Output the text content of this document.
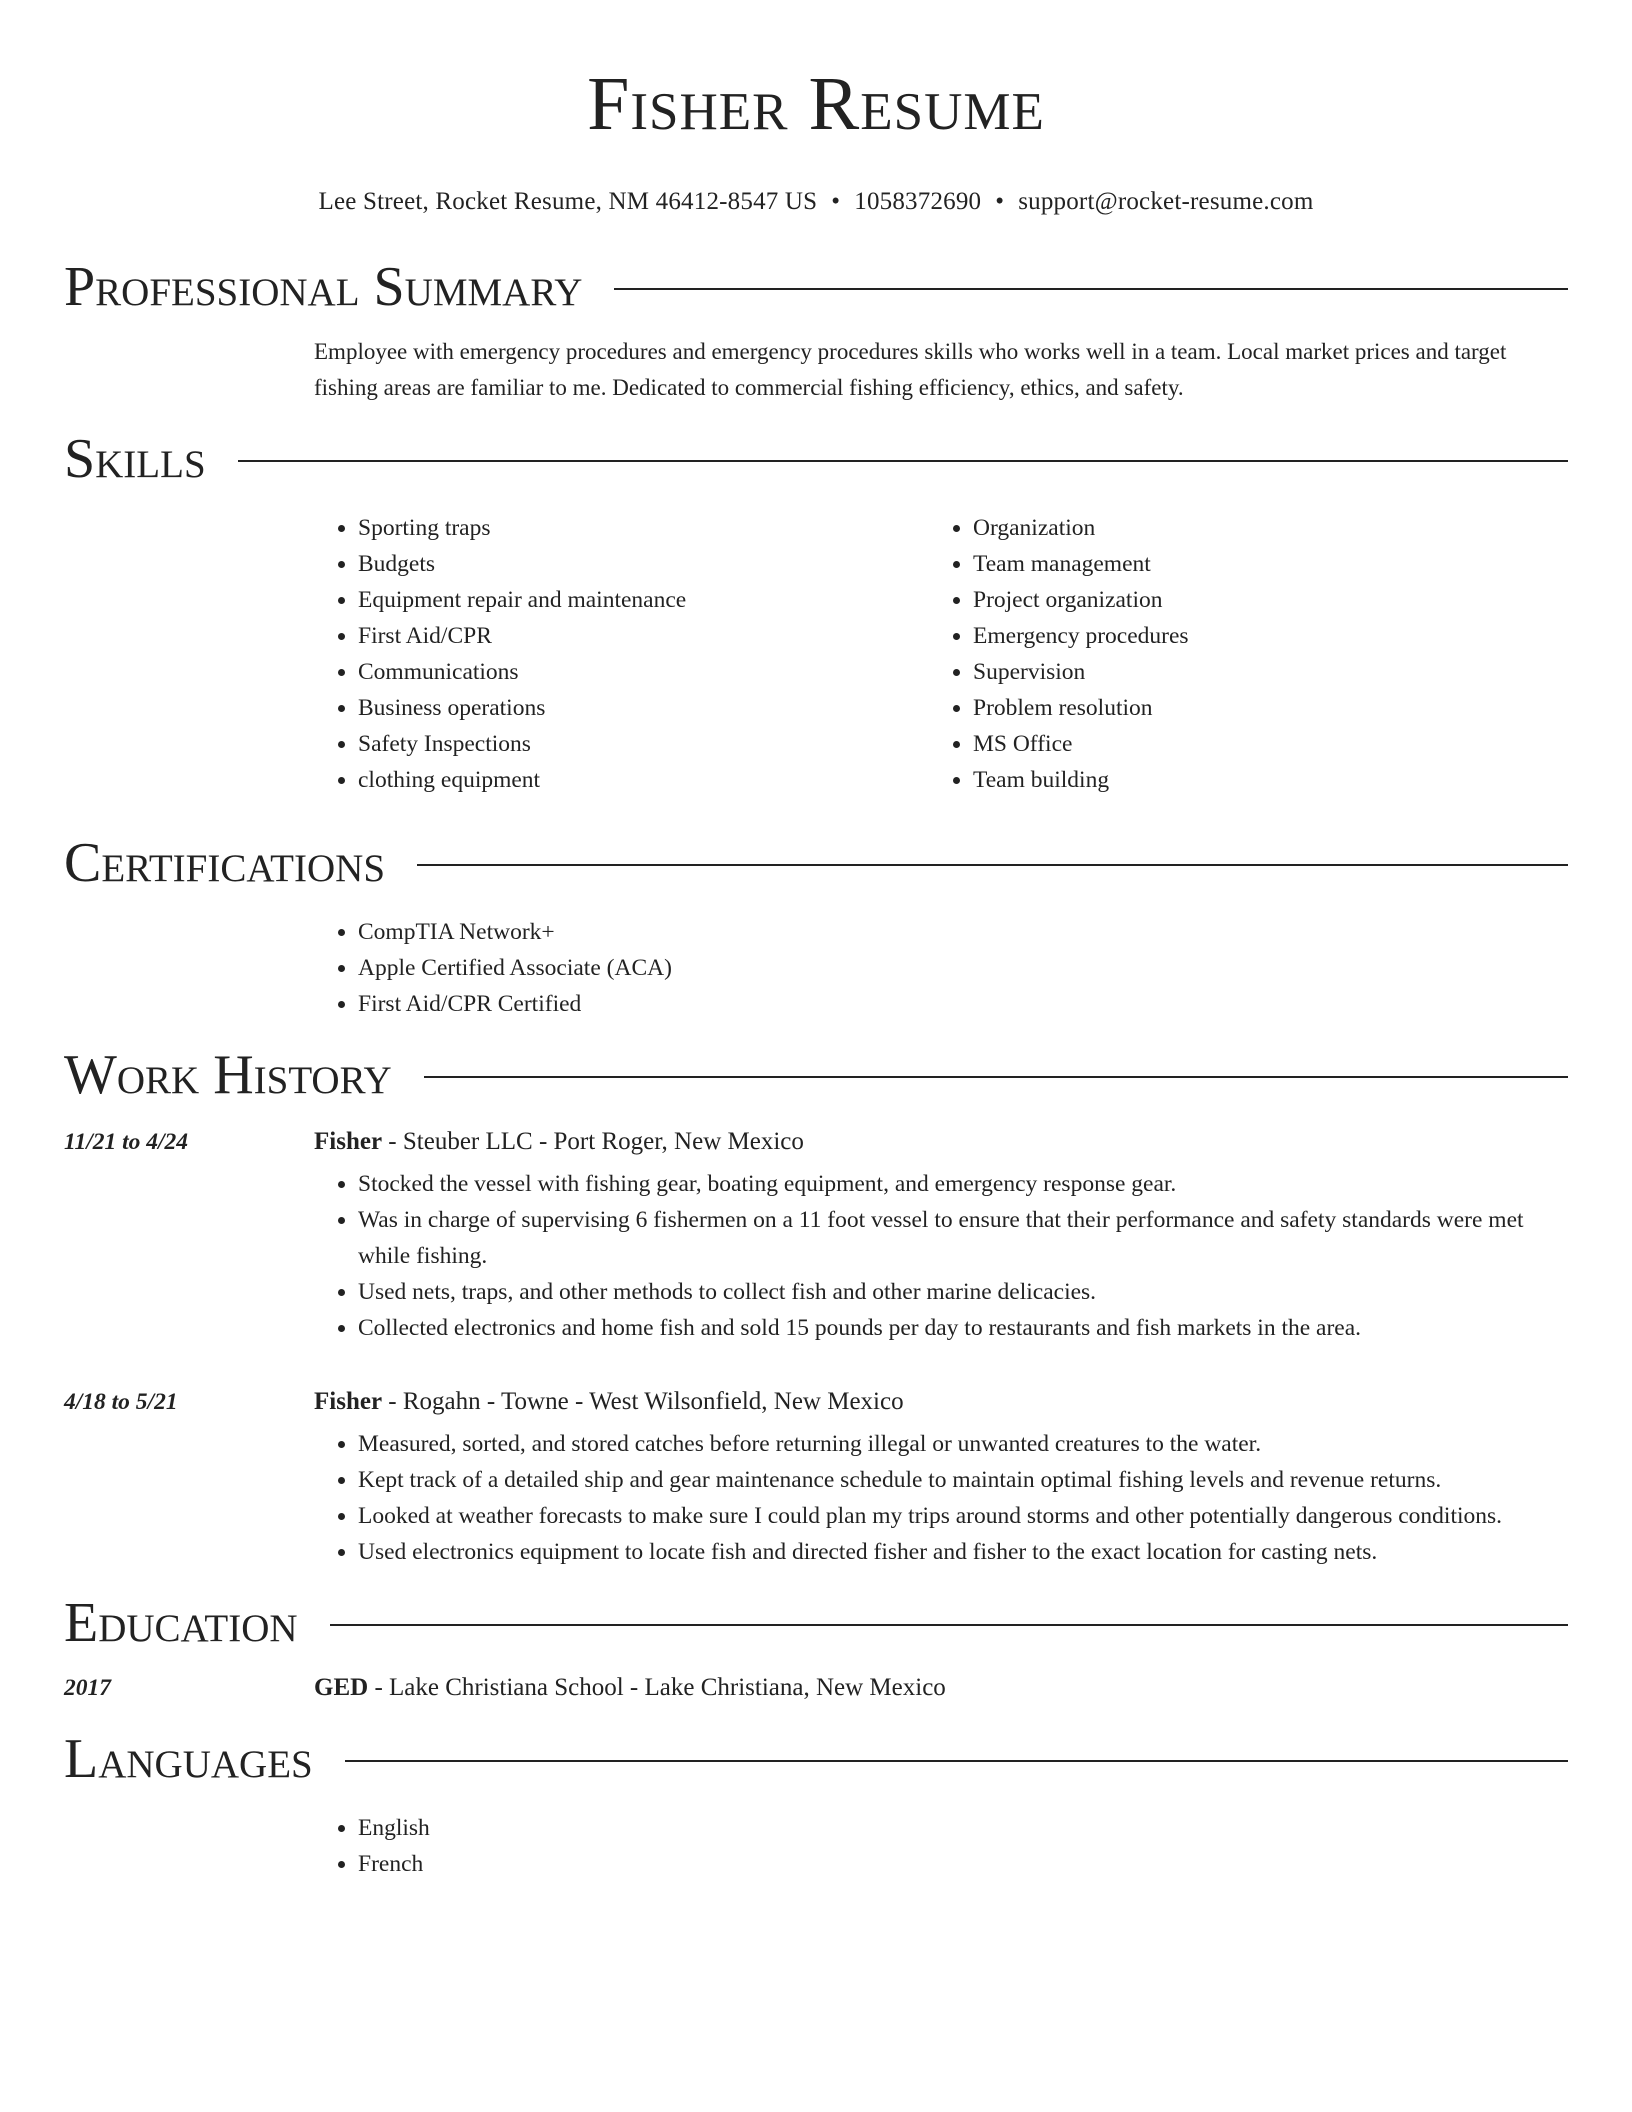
Fisher Resume
Lee Street, Rocket Resume, NM 46412-8547 US • 1058372690 • support@rocket-resume.com
Professional Summary
Employee with emergency procedures and emergency procedures skills who works well in a team. Local market prices and target fishing areas are familiar to me. Dedicated to commercial fishing efficiency, ethics, and safety.
Skills
• Sporting traps
• Budgets
• Equipment repair and maintenance
• First Aid/CPR
• Communications
• Business operations
• Safety Inspections
• clothing equipment
• Organization
• Team management
• Project organization
• Emergency procedures
• Supervision
• Problem resolution
• MS Office
• Team building
Certifications
• CompTIA Network+
• Apple Certified Associate (ACA)
• First Aid/CPR Certified
Work History
11/21 to 4/24	Fisher - Steuber LLC - Port Roger, New Mexico
• Stocked the vessel with fishing gear, boating equipment, and emergency response gear.
• Was in charge of supervising 6 fishermen on a 11 foot vessel to ensure that their performance and safety standards were met while fishing.
• Used nets, traps, and other methods to collect fish and other marine delicacies.
• Collected electronics and home fish and sold 15 pounds per day to restaurants and fish markets in the area.
4/18 to 5/21	Fisher - Rogahn - Towne - West Wilsonfield, New Mexico
• Measured, sorted, and stored catches before returning illegal or unwanted creatures to the water.
• Kept track of a detailed ship and gear maintenance schedule to maintain optimal fishing levels and revenue returns.
• Looked at weather forecasts to make sure I could plan my trips around storms and other potentially dangerous conditions.
• Used electronics equipment to locate fish and directed fisher and fisher to the exact location for casting nets.
Education
2017	GED - Lake Christiana School - Lake Christiana, New Mexico
Languages
• English
• French
